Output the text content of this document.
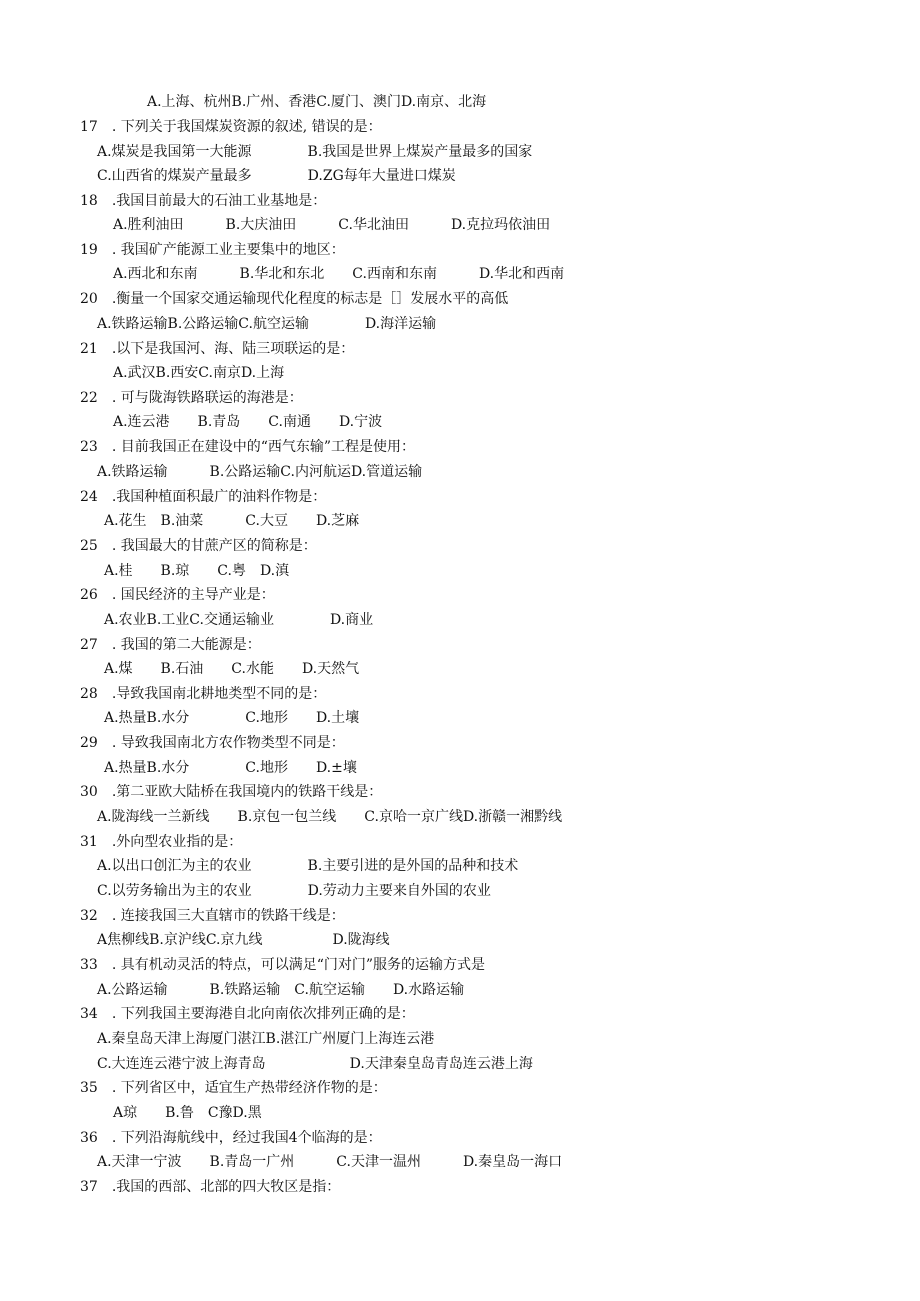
A.上海、杭州B.广州、香港C.厦门、澳门D.南京、北海
17　. 下列关于我国煤炭资源的叙述, 错误的是：
A.煤炭是我国第一大能源　　　　B.我国是世界上煤炭产量最多的国家
C.山西省的煤炭产量最多　　　　D.ZG每年大量进口煤炭
18　.我国目前最大的石油工业基地是：
A.胜利油田　　　B.大庆油田　　　C.华北油田　　　D.克拉玛依油田
19　. 我国矿产能源工业主要集中的地区：
A.西北和东南　　　B.华北和东北　　C.西南和东南　　　D.华北和西南
20　.衡量一个国家交通运输现代化程度的标志是［］发展水平的高低
A.铁路运输B.公路运输C.航空运输　　　　D.海洋运输
21　.以下是我国河、海、陆三项联运的是：
A.武汉B.西安C.南京D.上海
22　. 可与陇海铁路联运的海港是：
A.连云港　　B.青岛　　C.南通　　D.宁波
23　. 目前我国正在建设中的“西气东输”工程是使用：
A.铁路运输　　　B.公路运输C.内河航运D.管道运输
24　.我国种植面积最广的油料作物是：
A.花生　B.油菜　　　C.大豆　　D.芝麻
25　. 我国最大的甘蔗产区的简称是：
A.桂　　B.琼　　C.粤　D.滇
26　. 国民经济的主导产业是：
A.农业B.工业C.交通运输业　　　　D.商业
27　. 我国的第二大能源是：
A.煤　　B.石油　　C.水能　　D.天然气
28　.导致我国南北耕地类型不同的是：
A.热量B.水分　　　　C.地形　　D.土壤
29　. 导致我国南北方农作物类型不同是：
A.热量B.水分　　　　C.地形　　D.±壤
30　.第二亚欧大陆桥在我国境内的铁路干线是：
A.陇海线一兰新线　　B.京包一包兰线　　C.京哈一京广线D.浙赣一湘黔线
31　.外向型农业指的是：
A.以出口创汇为主的农业　　　　B.主要引进的是外国的品种和技术
C.以劳务输出为主的农业　　　　D.劳动力主要来自外国的农业
32　. 连接我国三大直辖市的铁路干线是：
A焦柳线B.京沪线C.京九线　　　　　D.陇海线
33　. 具有机动灵活的特点，可以满足“门对门”服务的运输方式是
A.公路运输　　　B.铁路运输　C.航空运输　　D.水路运输
34　. 下列我国主要海港自北向南依次排列正确的是：
A.秦皇岛天津上海厦门湛江B.湛江广州厦门上海连云港
C.大连连云港宁波上海青岛　　　　　　D.天津秦皇岛青岛连云港上海
35　. 下列省区中，适宜生产热带经济作物的是：
A琼　　B.鲁　C豫D.黑
36　. 下列沿海航线中，经过我国4个临海的是：
A.天津一宁波　　B.青岛一广州　　　C.天津一温州　　　D.秦皇岛一海口
37　.我国的西部、北部的四大牧区是指：
